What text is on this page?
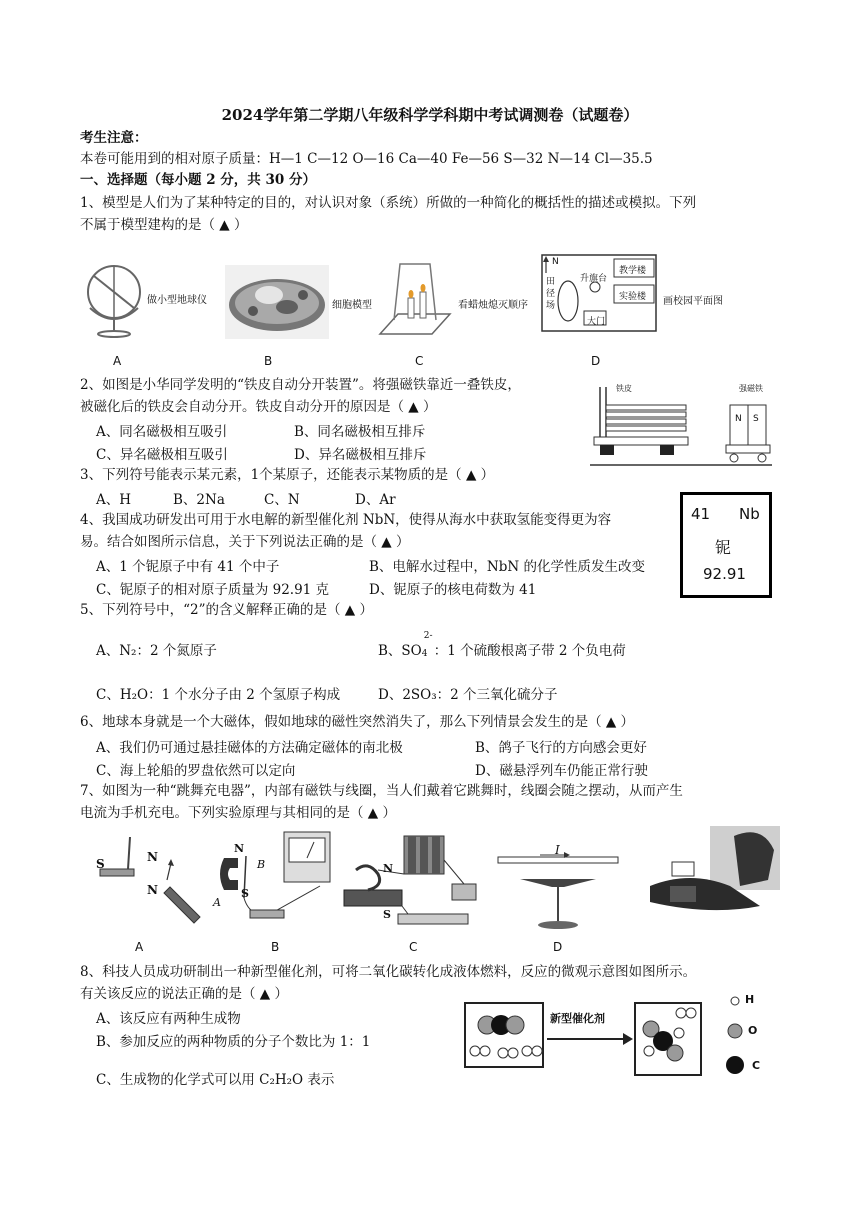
2024学年第二学期八年级科学学科期中考试调测卷（试题卷）
考生注意：
本卷可能用到的相对原子质量：H—1 C—12 O—16 Ca—40 Fe—56 S—32 N—14 Cl—35.5
一、选择题（每小题 2 分，共 30 分）
1、模型是人们为了某种特定的目的，对认识对象（系统）所做的一种简化的概括性的描述或模拟。下列
不属于模型建构的是（ ▲ ）
做小型地球仪	细胞模型	看蜡烛熄灭顺序
N
田径场
升旗台
教学楼
实验楼
大门
画校园平面图
A	B	C	D
2、如图是小华同学发明的“铁皮自动分开装置”。将强磁铁靠近一叠铁皮，
被磁化后的铁皮会自动分开。铁皮自动分开的原因是（ ▲ ）
A、同名磁极相互吸引	B、同名磁极相互排斥
C、异名磁极相互吸引	D、异名磁极相互排斥
铁皮	强磁铁
N S
3、下列符号能表示某元素，1个某原子，还能表示某物质的是（ ▲ ）
A、H	B、2Na	C、N	D、Ar
4、我国成功研发出可用于水电解的新型催化剂 NbN，使得从海水中获取氢能变得更为容
易。结合如图所示信息，关于下列说法正确的是（ ▲ ）
A、1 个铌原子中有 41 个中子	B、电解水过程中，NbN 的化学性质发生改变
C、铌原子的相对原子质量为 92.91 克	D、铌原子的核电荷数为 41
41 Nb
铌
92.91
5、下列符号中，“2”的含义解释正确的是（ ▲ ）
A、N₂：2 个氮原子	B、SO 4
2-
：1 个硫酸根离子带 2 个负电荷
C、H₂O：1 个水分子由 2 个氢原子构成	D、2SO₃：2 个三氧化硫分子
6、地球本身就是一个大磁体，假如地球的磁性突然消失了，那么下列情景会发生的是（ ▲ ）
A、我们仍可通过悬挂磁体的方法确定磁体的南北极	B、鸽子飞行的方向感会更好
C、海上轮船的罗盘依然可以定向	D、磁悬浮列车仍能正常行驶
7、如图为一种“跳舞充电器”，内部有磁铁与线圈，当人们戴着它跳舞时，线圈会随之摆动，从而产生
电流为手机充电。下列实验原理与其相同的是（ ▲ ）
S	N
N
N
B
A
S
N
S
I
A	B	C	D
8、科技人员成功研制出一种新型催化剂，可将二氧化碳转化成液体燃料，反应的微观示意图如图所示。
有关该反应的说法正确的是（ ▲ ）
A、该反应有两种生成物
B、参加反应的两种物质的分子个数比为 1：1
C、生成物的化学式可以用 C₂H₂O 表示
新型催化剂
H
O
C
